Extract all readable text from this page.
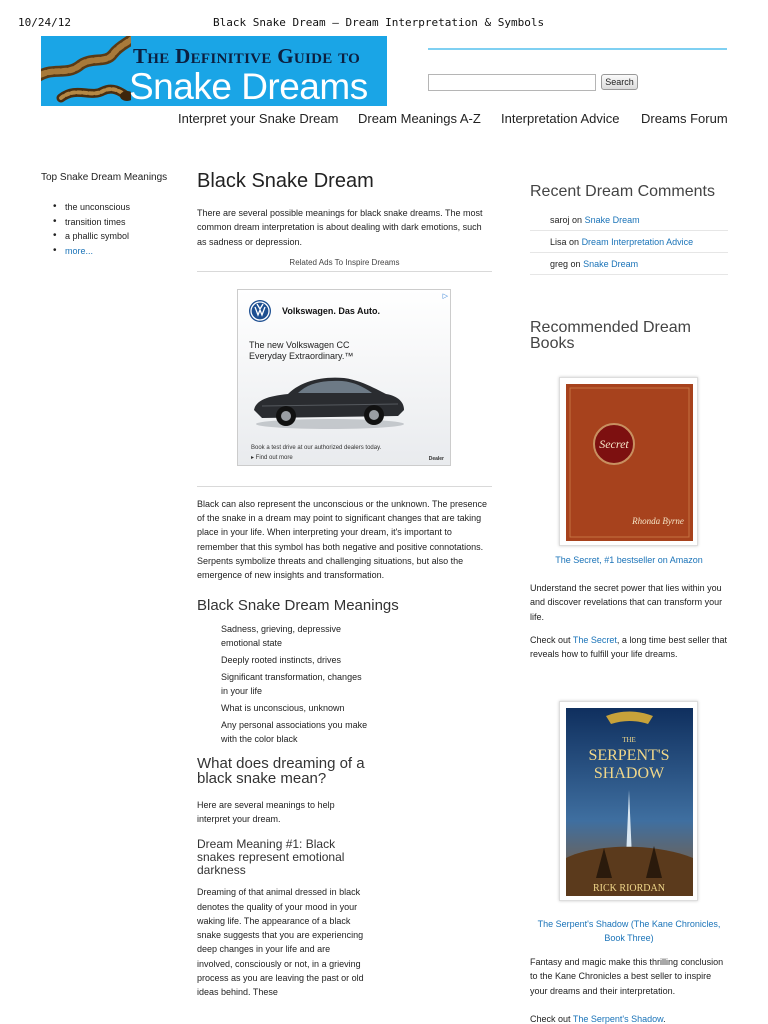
10/24/12	Black Snake Dream – Dream Interpretation & Symbols
The Definitive Guide to
Snake Dreams	Search
Interpret your Snake Dream Dream Meanings A-Z Interpretation Advice Dreams Forum
Top Snake Dream Meanings
• the unconscious
• transition times
• a phallic symbol
• more...
Black Snake Dream

There are several possible meanings for black snake dreams. The most common dream interpretation is about dealing with dark emotions, such as sadness or depression.

Related Ads To Inspire Dreams
Volkswagen. Das Auto.
The new Volkswagen CC
Everyday Extraordinary.™
Book a test drive at our authorized dealers today.
▸ Find out more	Dealer
▷

Black can also represent the unconscious or the unknown. The presence of the snake in a dream may point to significant changes that are taking place in your life. When interpreting your dream, it's important to remember that this symbol has both negative and positive connotations. Serpents symbolize threats and challenging situations, but also the emergence of new insights and transformation.

Black Snake Dream Meanings
Sadness, grieving, depressive emotional state
Deeply rooted instincts, drives
Significant transformation, changes in your life
What is unconscious, unknown
Any personal associations you make with the color black
What does dreaming of a black snake mean?

Here are several meanings to help interpret your dream.

Dream Meaning #1: Black snakes represent emotional darkness

Dreaming of that animal dressed in black denotes the quality of your mood in your waking life. The appearance of a black snake suggests that you are experiencing deep changes in your life and are involved, consciously or not, in a grieving process as you are leaving the past or old ideas behind. These

Recent Dream Comments
saroj on Snake Dream
Lisa on Dream Interpretation Advice
greg on Snake Dream
Recommended Dream Books
Secret
Rhonda Byrne
The Secret, #1 bestseller on Amazon

Understand the secret power that lies within you and discover revelations that can transform your life.

Check out The Secret, a long time best seller that reveals how to fulfill your life dreams.

THE
SERPENT'S
SHADOW
RICK RIORDAN
The Serpent's Shadow (The Kane Chronicles, Book Three)

Fantasy and magic make this thrilling conclusion to the Kane Chronicles a best seller to inspire your dreams and their interpretation.

Check out The Serpent's Shadow.
